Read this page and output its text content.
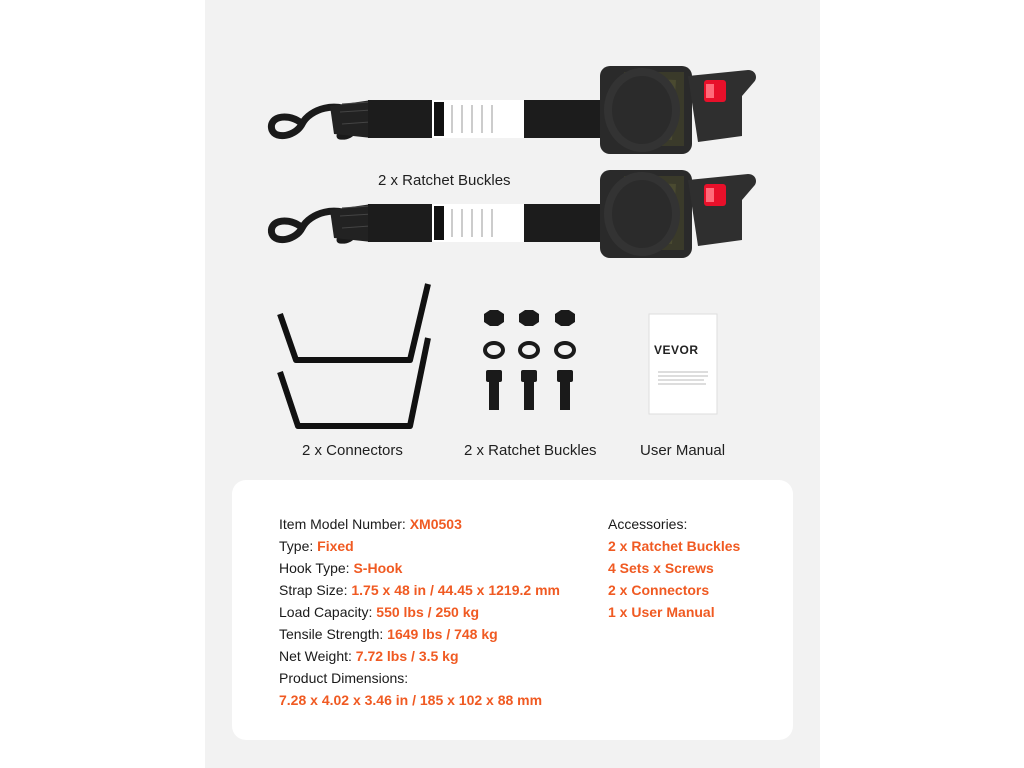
VEVOR
2 x Ratchet Buckles
2 x Connectors	2 x Ratchet Buckles	User Manual
Item Model Number: XM0503
Type: Fixed
Hook Type: S-Hook
Strap Size: 1.75 x 48 in / 44.45 x 1219.2 mm
Load Capacity: 550 lbs / 250 kg
Tensile Strength: 1649 lbs / 748 kg
Net Weight: 7.72 lbs / 3.5 kg
Product Dimensions:
7.28 x 4.02 x 3.46 in / 185 x 102 x 88 mm
Accessories:
2 x Ratchet Buckles
4 Sets x Screws
2 x Connectors
1 x User Manual
